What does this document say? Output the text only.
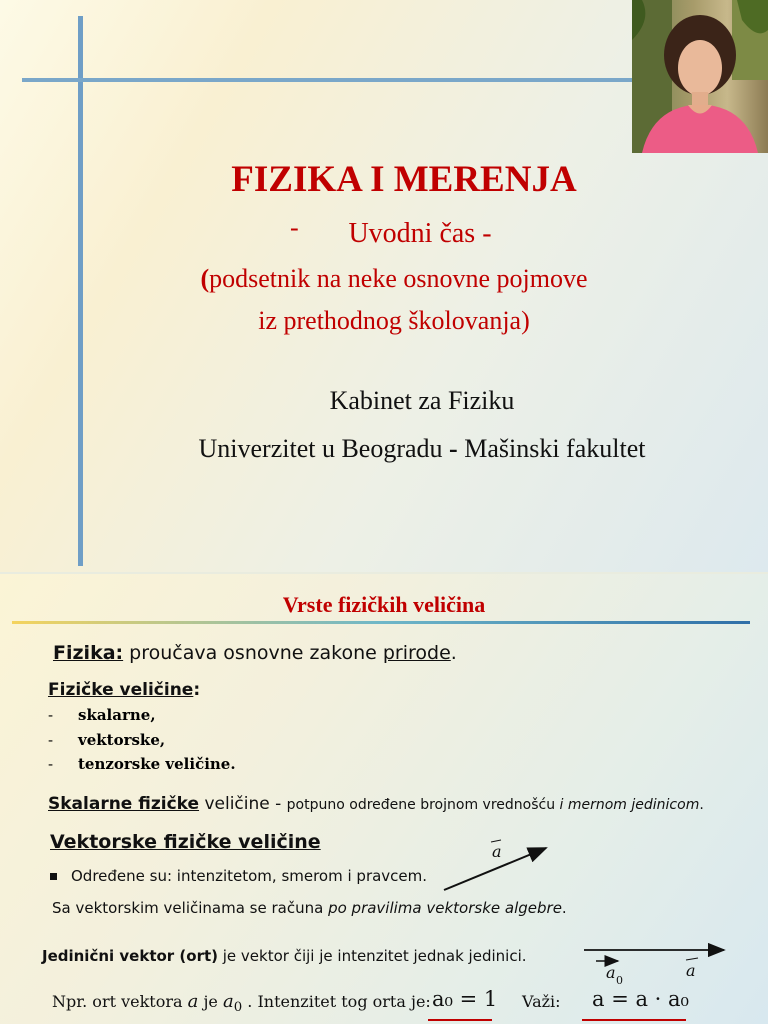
FIZIKA I MERENJA
-	Uvodni čas -
(podsetnik na neke osnovne pojmove
iz prethodnog školovanja)
Kabinet za Fiziku
Univerzitet u Beogradu - Mašinski fakultet
Vrste fizičkih veličina
Fizika: proučava osnovne zakone prirode.
Fizičke veličine:
- skalarne,
- vektorske,
- tenzorske veličine.
Skalarne fizičke veličine - potpuno određene brojnom vrednošću i mernom jedinicom.
Vektorske fizičke veličine
Određene su: intenzitetom, smerom i pravcem.
Sa vektorskim veličinama se računa po pravilima vektorske algebre.
Jedinični vektor (ort) je vektor čiji je intenzitet jednak jedinici.
Npr. ort vektora a je $a_0$ . Intenzitet tog orta je: a₀ = 1 Važi: a = a · a₀
a
a 0
a
